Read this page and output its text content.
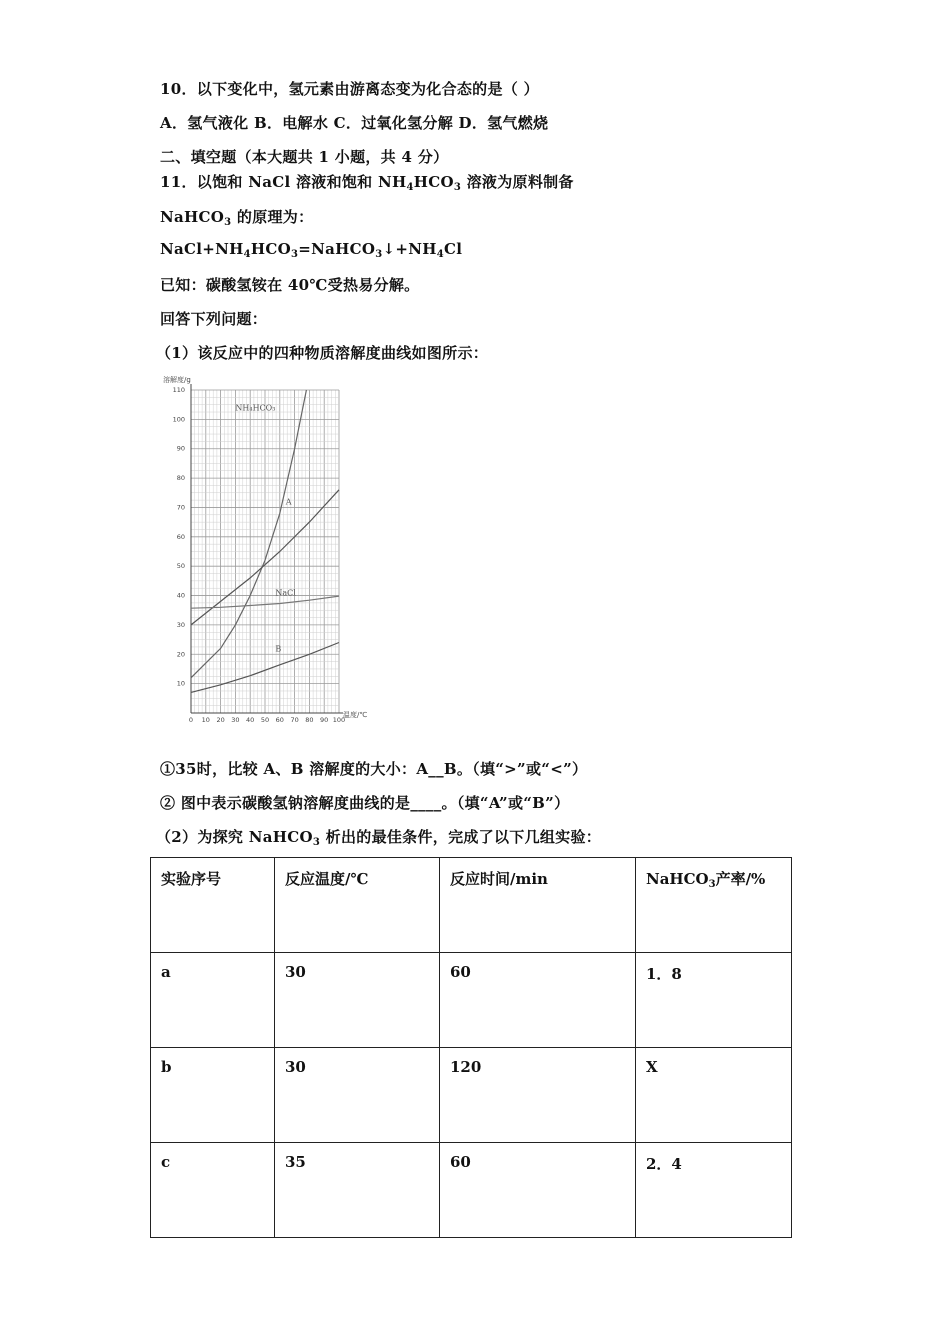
10．以下变化中，氢元素由游离态变为化合态的是（ ）
A．氢气液化 B．电解水 C．过氧化氢分解 D．氢气燃烧
二、填空题（本大题共 1 小题，共 4 分）
11．以饱和 NaCl 溶液和饱和 $NH_4HCO_3$ 溶液为原料制备
NaHCO$_3$ 的原理为：
$NaCl+NH_4HCO_3=NaHCO_3↓+NH_4Cl$
已知：碳酸氢铵在 40℃受热易分解。
回答下列问题：
（1）该反应中的四种物质溶解度曲线如图所示：
0 10 20 30 40 50 60 70 80 90 100
10
20
30
40
50
60
70
80
90
100
110
NH₄HCO₃
A
NaCl
B
溶解度/g
温度/℃
①35时，比较 A、B 溶解度的大小：A__B。（填“>”或“<”）
② 图中表示碳酸氢钠溶解度曲线的是____。（填“A”或“B”）
（2）为探究 NaHCO$_3$ 析出的最佳条件，完成了以下几组实验：
实验序号	反应温度/℃	反应时间/min	NaHCO$_3$产率/%
a	30	60	1．8
b	30	120	X
c	35	60	2．4
